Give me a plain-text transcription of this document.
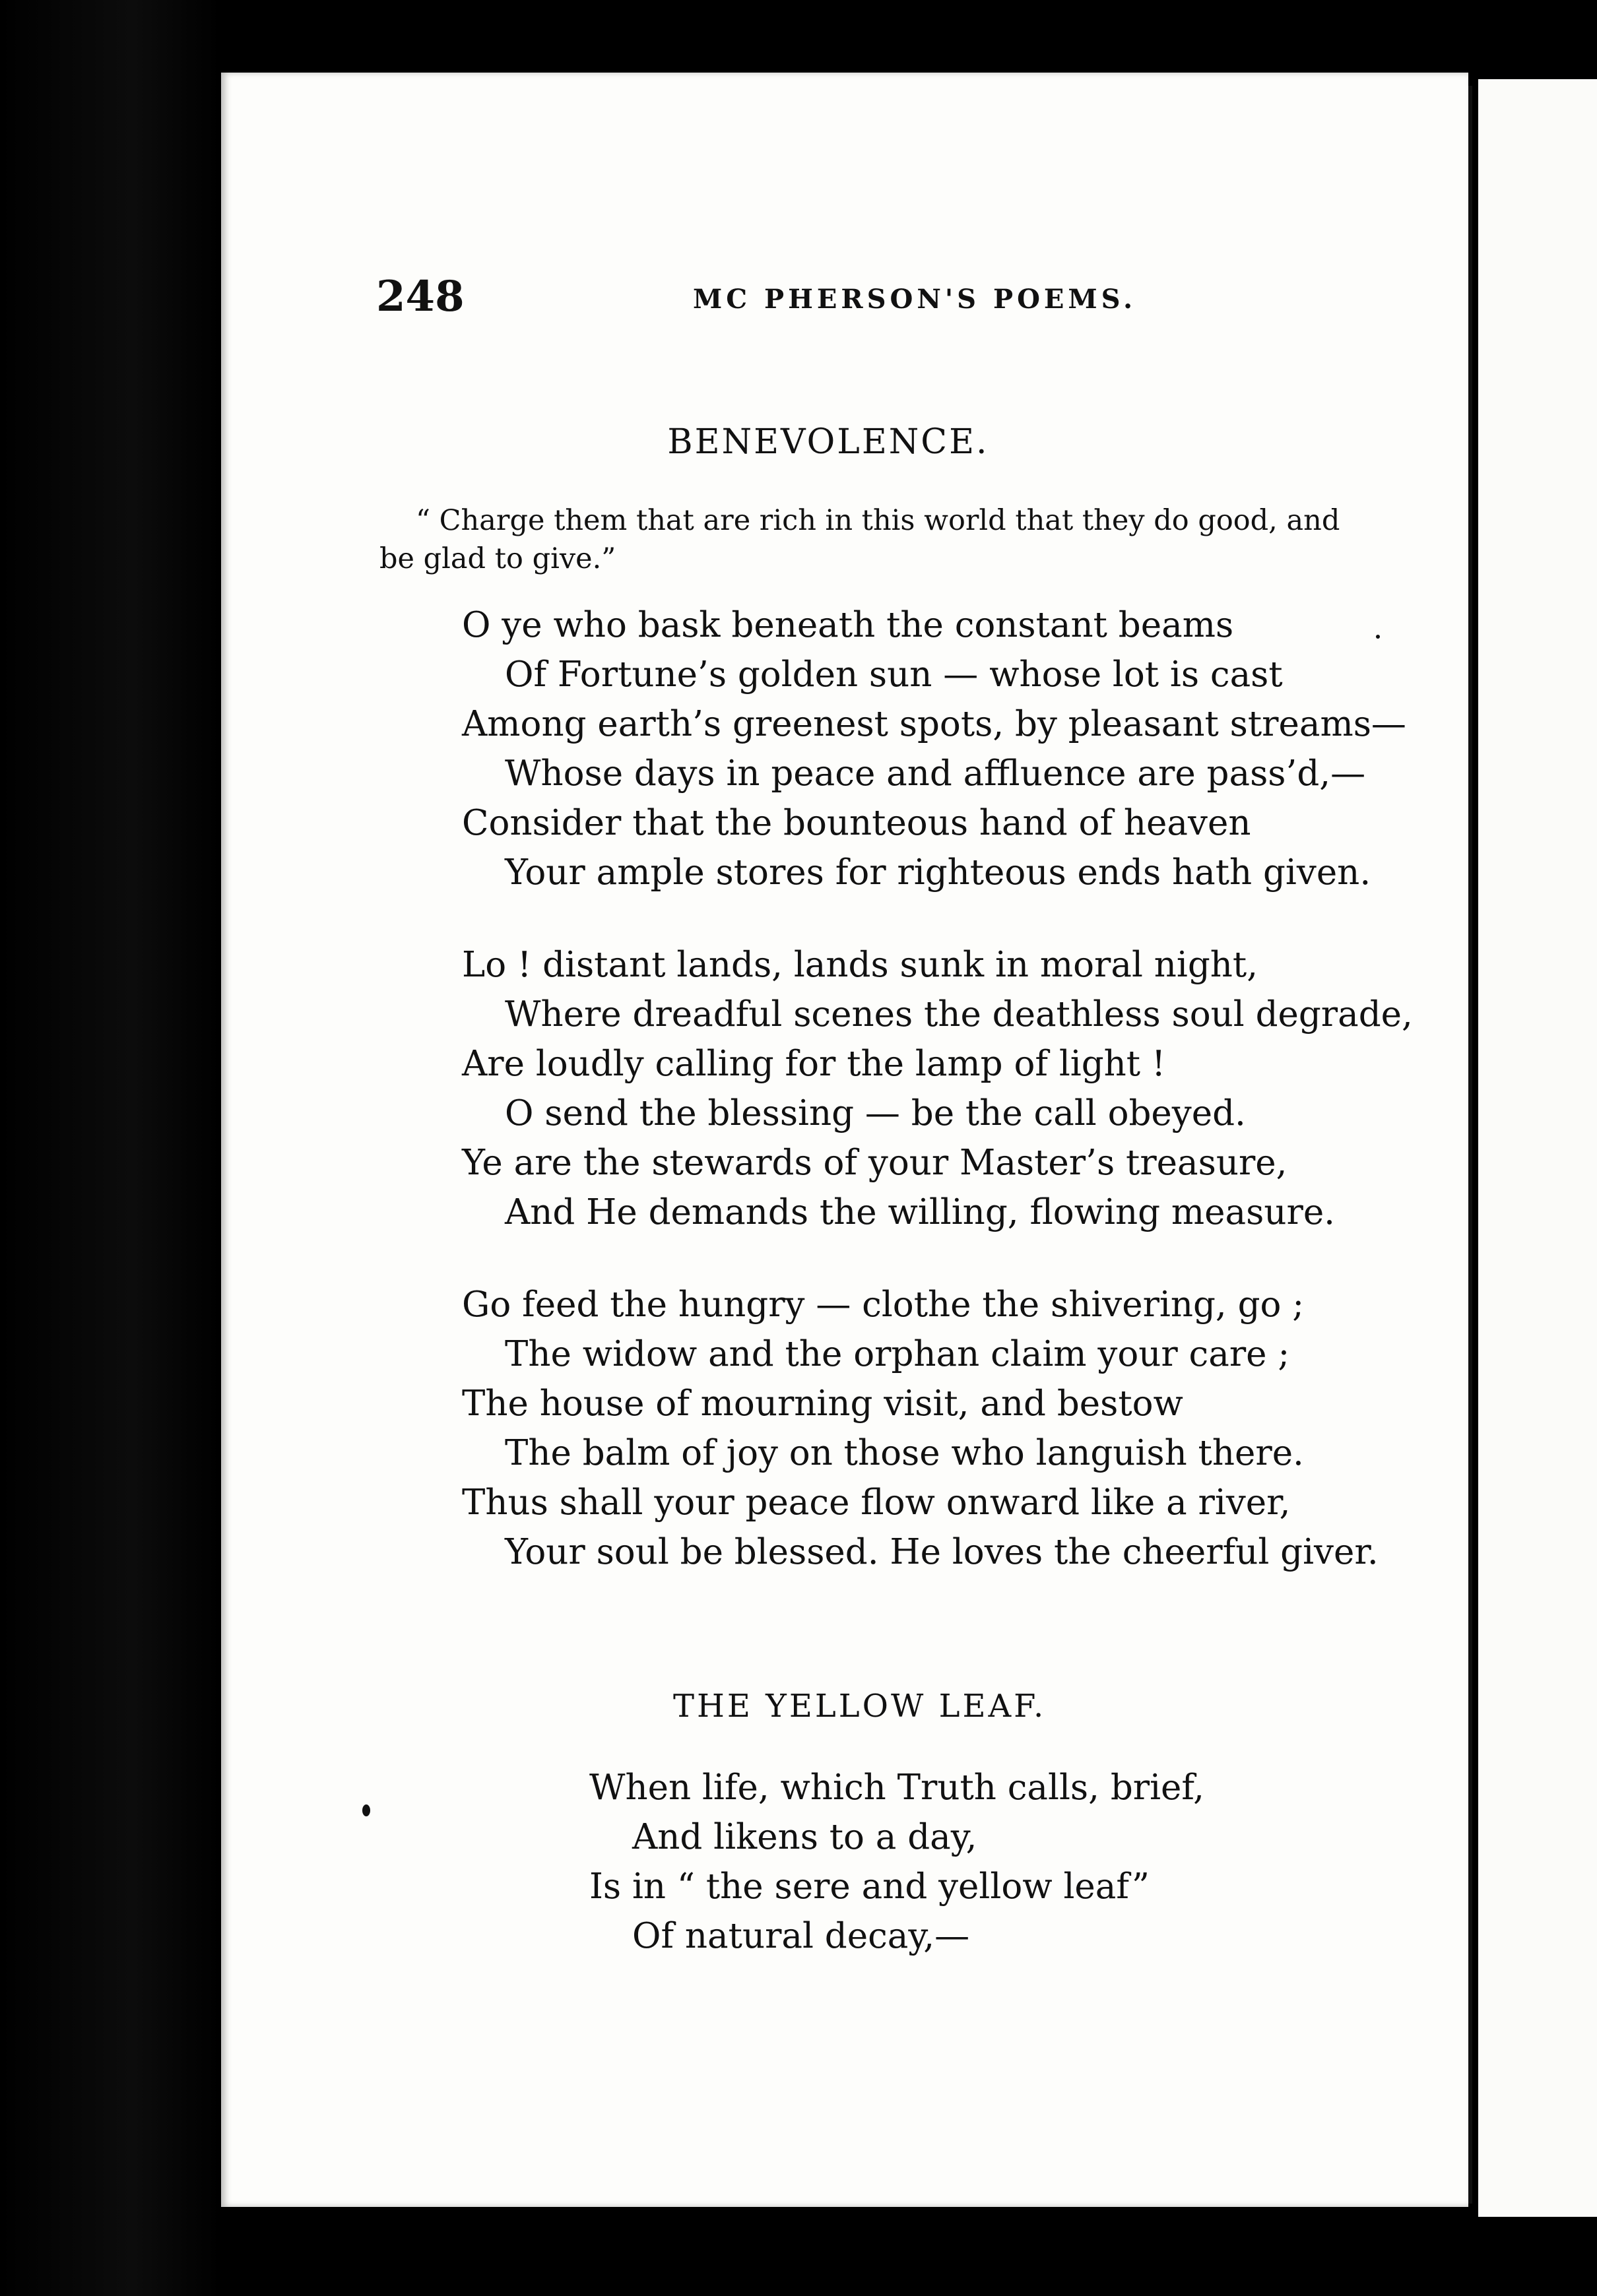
248	MC PHERSON'S POEMS.
BENEVOLENCE.
“ Charge them that are rich in this world that they do good, and
be glad to give.”
O ye who bask beneath the constant beams
Of Fortune’s golden sun — whose lot is cast
Among earth’s greenest spots, by pleasant streams—
Whose days in peace and affluence are pass’d,—
Consider that the bounteous hand of heaven
Your ample stores for righteous ends hath given.
Lo ! distant lands, lands sunk in moral night,
Where dreadful scenes the deathless soul degrade,
Are loudly calling for the lamp of light !
O send the blessing — be the call obeyed.
Ye are the stewards of your Master’s treasure,
And He demands the willing, flowing measure.
Go feed the hungry — clothe the shivering, go ;
The widow and the orphan claim your care ;
The house of mourning visit, and bestow
The balm of joy on those who languish there.
Thus shall your peace flow onward like a river,
Your soul be blessed. He loves the cheerful giver.
THE YELLOW LEAF.
When life, which Truth calls, brief,
And likens to a day,
Is in “ the sere and yellow leaf”
Of natural decay,—
